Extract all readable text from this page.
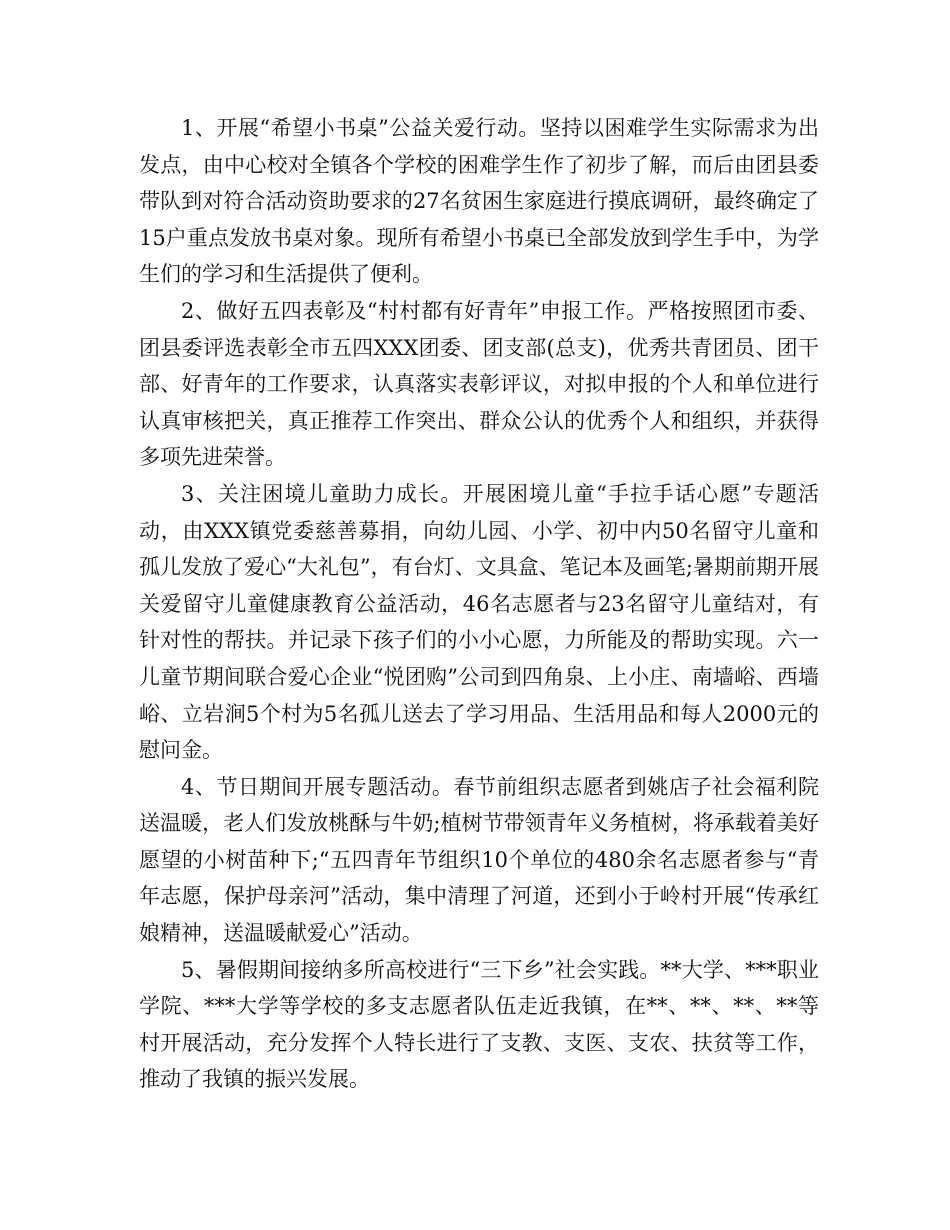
1、开展“希望小书桌”公益关爱行动。坚持以困难学生实际需求为出发点，由中心校对全镇各个学校的困难学生作了初步了解，而后由团县委带队到对符合活动资助要求的27名贫困生家庭进行摸底调研，最终确定了15户重点发放书桌对象。现所有希望小书桌已全部发放到学生手中，为学生们的学习和生活提供了便利。

2、做好五四表彰及“村村都有好青年”申报工作。严格按照团市委、团县委评选表彰全市五四XXX团委、团支部(总支)，优秀共青团员、团干部、好青年的工作要求，认真落实表彰评议，对拟申报的个人和单位进行认真审核把关，真正推荐工作突出、群众公认的优秀个人和组织，并获得多项先进荣誉。

3、关注困境儿童助力成长。开展困境儿童“手拉手话心愿”专题活动，由XXX镇党委慈善募捐，向幼儿园、小学、初中内50名留守儿童和孤儿发放了爱心“大礼包”，有台灯、文具盒、笔记本及画笔;暑期前期开展关爱留守儿童健康教育公益活动，46名志愿者与23名留守儿童结对，有针对性的帮扶。并记录下孩子们的小小心愿，力所能及的帮助实现。六一儿童节期间联合爱心企业“悦团购”公司到四角泉、上小庄、南墙峪、西墙峪、立岩涧5个村为5名孤儿送去了学习用品、生活用品和每人2000元的慰问金。

4、节日期间开展专题活动。春节前组织志愿者到姚店子社会福利院送温暖，老人们发放桃酥与牛奶;植树节带领青年义务植树，将承载着美好愿望的小树苗种下;“五四青年节组织10个单位的480余名志愿者参与“青年志愿，保护母亲河”活动，集中清理了河道，还到小于岭村开展“传承红娘精神，送温暖献爱心”活动。

5、暑假期间接纳多所高校进行“三下乡”社会实践。**大学、***职业学院、***大学等学校的多支志愿者队伍走近我镇，在**、**、**、**等村开展活动，充分发挥个人特长进行了支教、支医、支农、扶贫等工作，推动了我镇的振兴发展。
